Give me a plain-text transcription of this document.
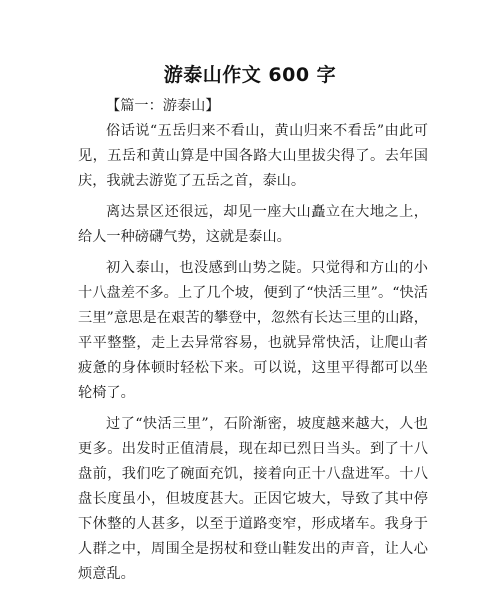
游泰山作文 600 字

【篇一：游泰山】

俗话说“五岳归来不看山，黄山归来不看岳”由此可见，五岳和黄山算是中国各路大山里拔尖得了。去年国庆，我就去游览了五岳之首，泰山。

离达景区还很远，却见一座大山矗立在大地之上，给人一种磅礴气势，这就是泰山。

初入泰山，也没感到山势之陡。只觉得和方山的小十八盘差不多。上了几个坡，便到了“快活三里”。“快活三里”意思是在艰苦的攀登中，忽然有长达三里的山路，平平整整，走上去异常容易，也就异常快活，让爬山者疲惫的身体顿时轻松下来。可以说，这里平得都可以坐轮椅了。

过了“快活三里”，石阶渐密，坡度越来越大，人也更多。出发时正值清晨，现在却已烈日当头。到了十八盘前，我们吃了碗面充饥，接着向正十八盘进军。十八盘长度虽小，但坡度甚大。正因它坡大，导致了其中停下休整的人甚多，以至于道路变窄，形成堵车。我身于人群之中，周围全是拐杖和登山鞋发出的声音，让人心烦意乱。
